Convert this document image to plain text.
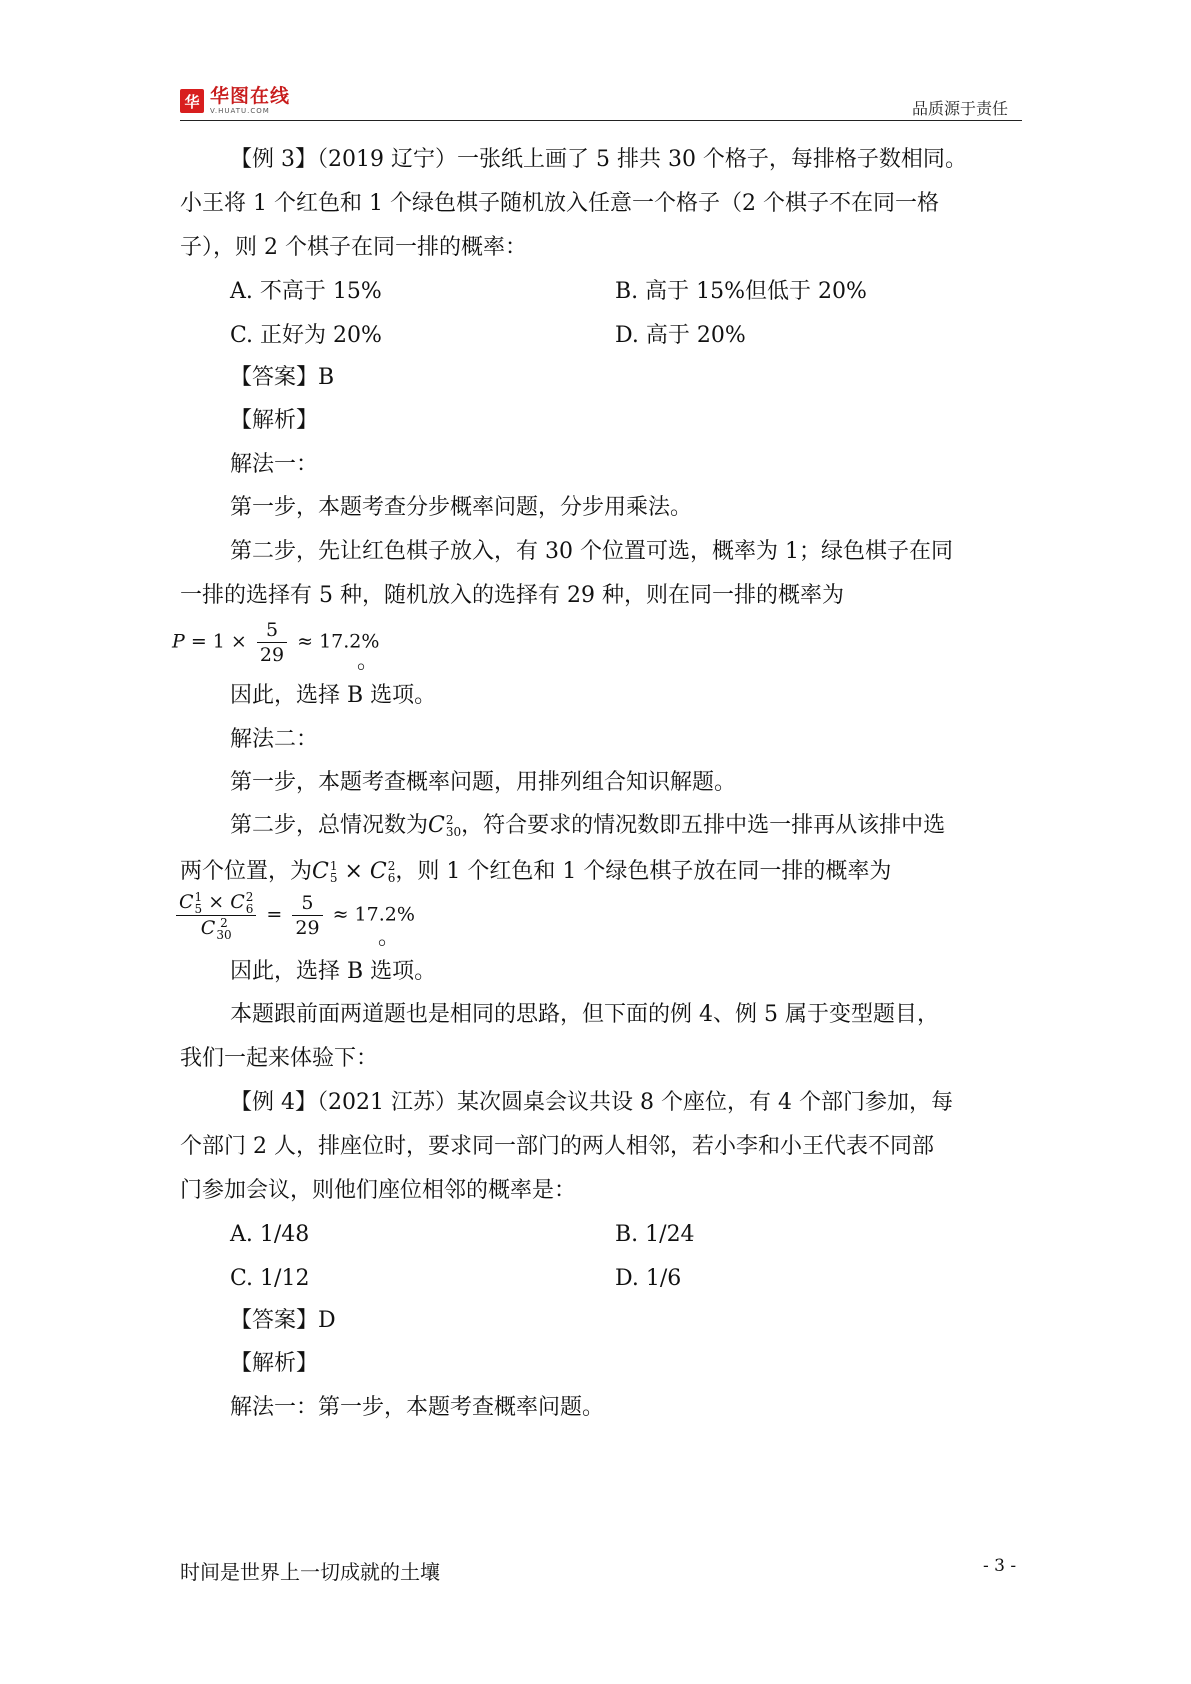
华 华图在线
V.HUATU.COM	品质源于责任
【例 3】（2019 辽宁）一张纸上画了 5 排共 30 个格子，每排格子数相同。
小王将 1 个红色和 1 个绿色棋子随机放入任意一个格子（2 个棋子不在同一格
子），则 2 个棋子在同一排的概率：
A. 不高于 15%	B. 高于 15%但低于 20%
C. 正好为 20%	D. 高于 20%
【答案】B
【解析】
解法一：
第一步，本题考查分步概率问题，分步用乘法。
第二步，先让红色棋子放入，有 30 个位置可选，概率为 1；绿色棋子在同
一排的选择有 5 种，随机放入的选择有 29 种，则在同一排的概率为
$P = 1 \times \frac{5}{29} \approx 17.2\%$
。
因此，选择 B 选项。
解法二：
第一步，本题考查概率问题，用排列组合知识解题。
第二步，总情况数为C 2
30 ，符合要求的情况数即五排中选一排再从该排中选
两个位置，为C 1
5 × C 2
6 ，则 1 个红色和 1 个绿色棋子放在同一排的概率为
C 1
5 × C 2
6
C 2
$30 = \frac{5}{29} \approx 17.2\%$
。
因此，选择 B 选项。
本题跟前面两道题也是相同的思路，但下面的例 4、例 5 属于变型题目，
我们一起来体验下：
【例 4】（2021 江苏）某次圆桌会议共设 8 个座位，有 4 个部门参加，每
个部门 2 人，排座位时，要求同一部门的两人相邻，若小李和小王代表不同部
门参加会议，则他们座位相邻的概率是：
A. 1/48	B. 1/24
C. 1/12	D. 1/6
【答案】D
【解析】
解法一：第一步，本题考查概率问题。
时间是世界上一切成就的土壤	- 3 -
